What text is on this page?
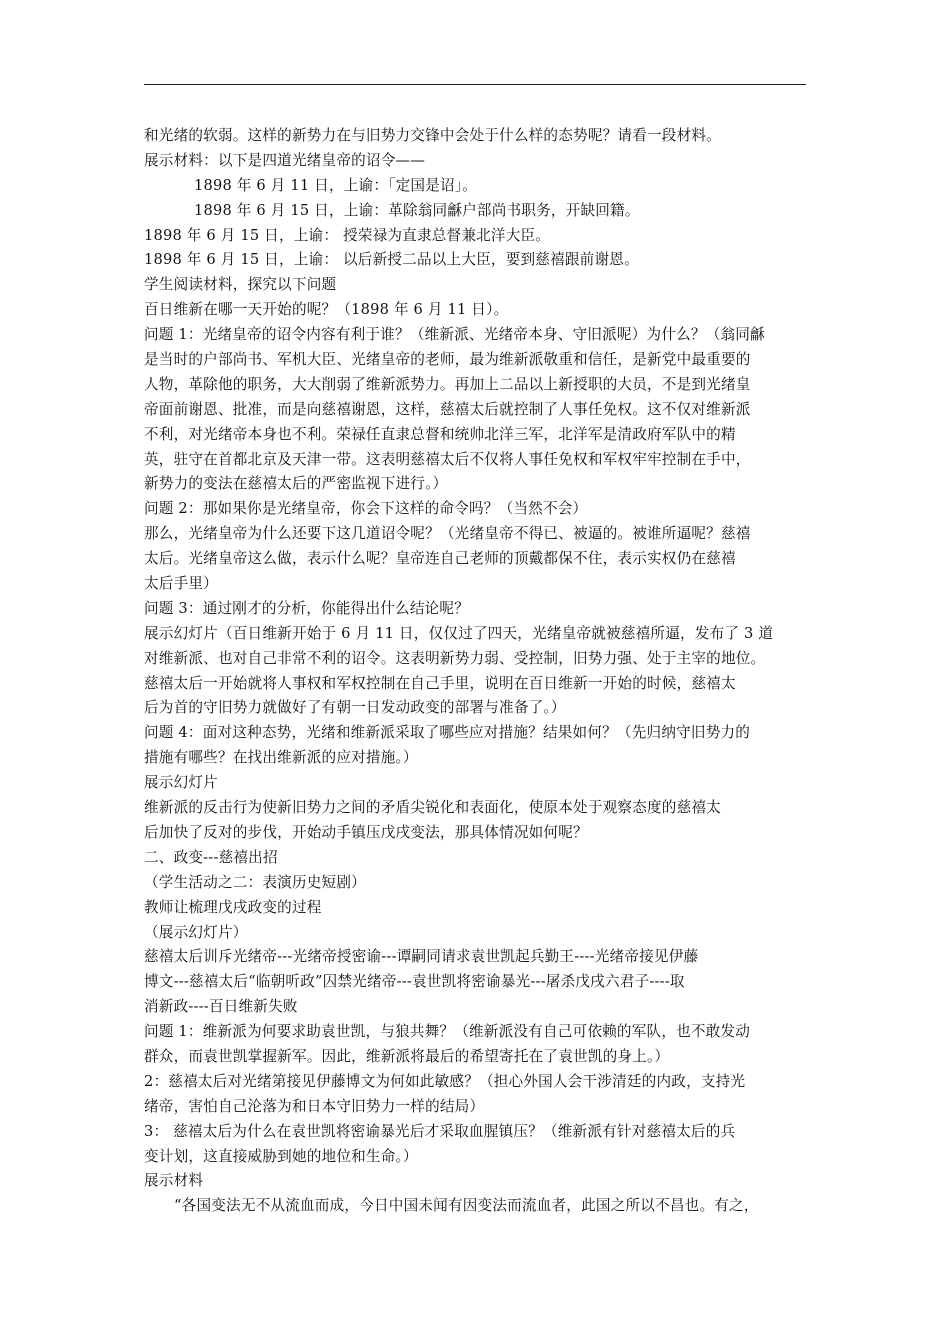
和光绪的软弱。这样的新势力在与旧势力交锋中会处于什么样的态势呢？请看一段材料。
展示材料：以下是四道光绪皇帝的诏令——
1898 年 6 月 11 日，上谕：「定国是诏」。
1898 年 6 月 15 日，上谕：革除翁同龢户部尚书职务，开缺回籍。
1898 年 6 月 15 日，上谕： 授荣禄为直隶总督兼北洋大臣。
1898 年 6 月 15 日，上谕： 以后新授二品以上大臣，要到慈禧跟前谢恩。
学生阅读材料，探究以下问题
百日维新在哪一天开始的呢？（1898 年 6 月 11 日）。
问题 1：光绪皇帝的诏令内容有利于谁？（维新派、光绪帝本身、守旧派呢）为什么？（翁同龢
是当时的户部尚书、军机大臣、光绪皇帝的老师，最为维新派敬重和信任，是新党中最重要的
人物，革除他的职务，大大削弱了维新派势力。再加上二品以上新授职的大员，不是到光绪皇
帝面前谢恩、批准，而是向慈禧谢恩，这样，慈禧太后就控制了人事任免权。这不仅对维新派
不利，对光绪帝本身也不利。荣禄任直隶总督和统帅北洋三军，北洋军是清政府军队中的精
英，驻守在首都北京及天津一带。这表明慈禧太后不仅将人事任免权和军权牢牢控制在手中，
新势力的变法在慈禧太后的严密监视下进行。）
问题 2：那如果你是光绪皇帝，你会下这样的命令吗？（当然不会）
那么，光绪皇帝为什么还要下这几道诏令呢？（光绪皇帝不得已、被逼的。被谁所逼呢？慈禧
太后。光绪皇帝这么做，表示什么呢？皇帝连自己老师的顶戴都保不住，表示实权仍在慈禧
太后手里）
问题 3：通过刚才的分析，你能得出什么结论呢？
展示幻灯片（百日维新开始于 6 月 11 日，仅仅过了四天，光绪皇帝就被慈禧所逼，发布了 3 道
对维新派、也对自己非常不利的诏令。这表明新势力弱、受控制，旧势力强、处于主宰的地位。
慈禧太后一开始就将人事权和军权控制在自己手里，说明在百日维新一开始的时候，慈禧太
后为首的守旧势力就做好了有朝一日发动政变的部署与准备了。）
问题 4：面对这种态势，光绪和维新派采取了哪些应对措施？结果如何？（先归纳守旧势力的
措施有哪些？在找出维新派的应对措施。）
展示幻灯片
维新派的反击行为使新旧势力之间的矛盾尖锐化和表面化，使原本处于观察态度的慈禧太
后加快了反对的步伐，开始动手镇压戊戌变法，那具体情况如何呢？
二、政变---慈禧出招
（学生活动之二：表演历史短剧）
教师让梳理戊戌政变的过程
（展示幻灯片）
慈禧太后训斥光绪帝---光绪帝授密谕---谭嗣同请求袁世凯起兵勤王----光绪帝接见伊藤
博文---慈禧太后“临朝听政”囚禁光绪帝---袁世凯将密谕暴光---屠杀戊戌六君子----取
消新政----百日维新失败
问题 1：维新派为何要求助袁世凯，与狼共舞？（维新派没有自己可依赖的军队，也不敢发动
群众，而袁世凯掌握新军。因此，维新派将最后的希望寄托在了袁世凯的身上。）
2：慈禧太后对光绪第接见伊藤博文为何如此敏感？（担心外国人会干涉清廷的内政，支持光
绪帝，害怕自己沦落为和日本守旧势力一样的结局）
3： 慈禧太后为什么在袁世凯将密谕暴光后才采取血腥镇压？（维新派有针对慈禧太后的兵
变计划，这直接威胁到她的地位和生命。）
展示材料
“各国变法无不从流血而成，今日中国未闻有因变法而流血者，此国之所以不昌也。有之，
